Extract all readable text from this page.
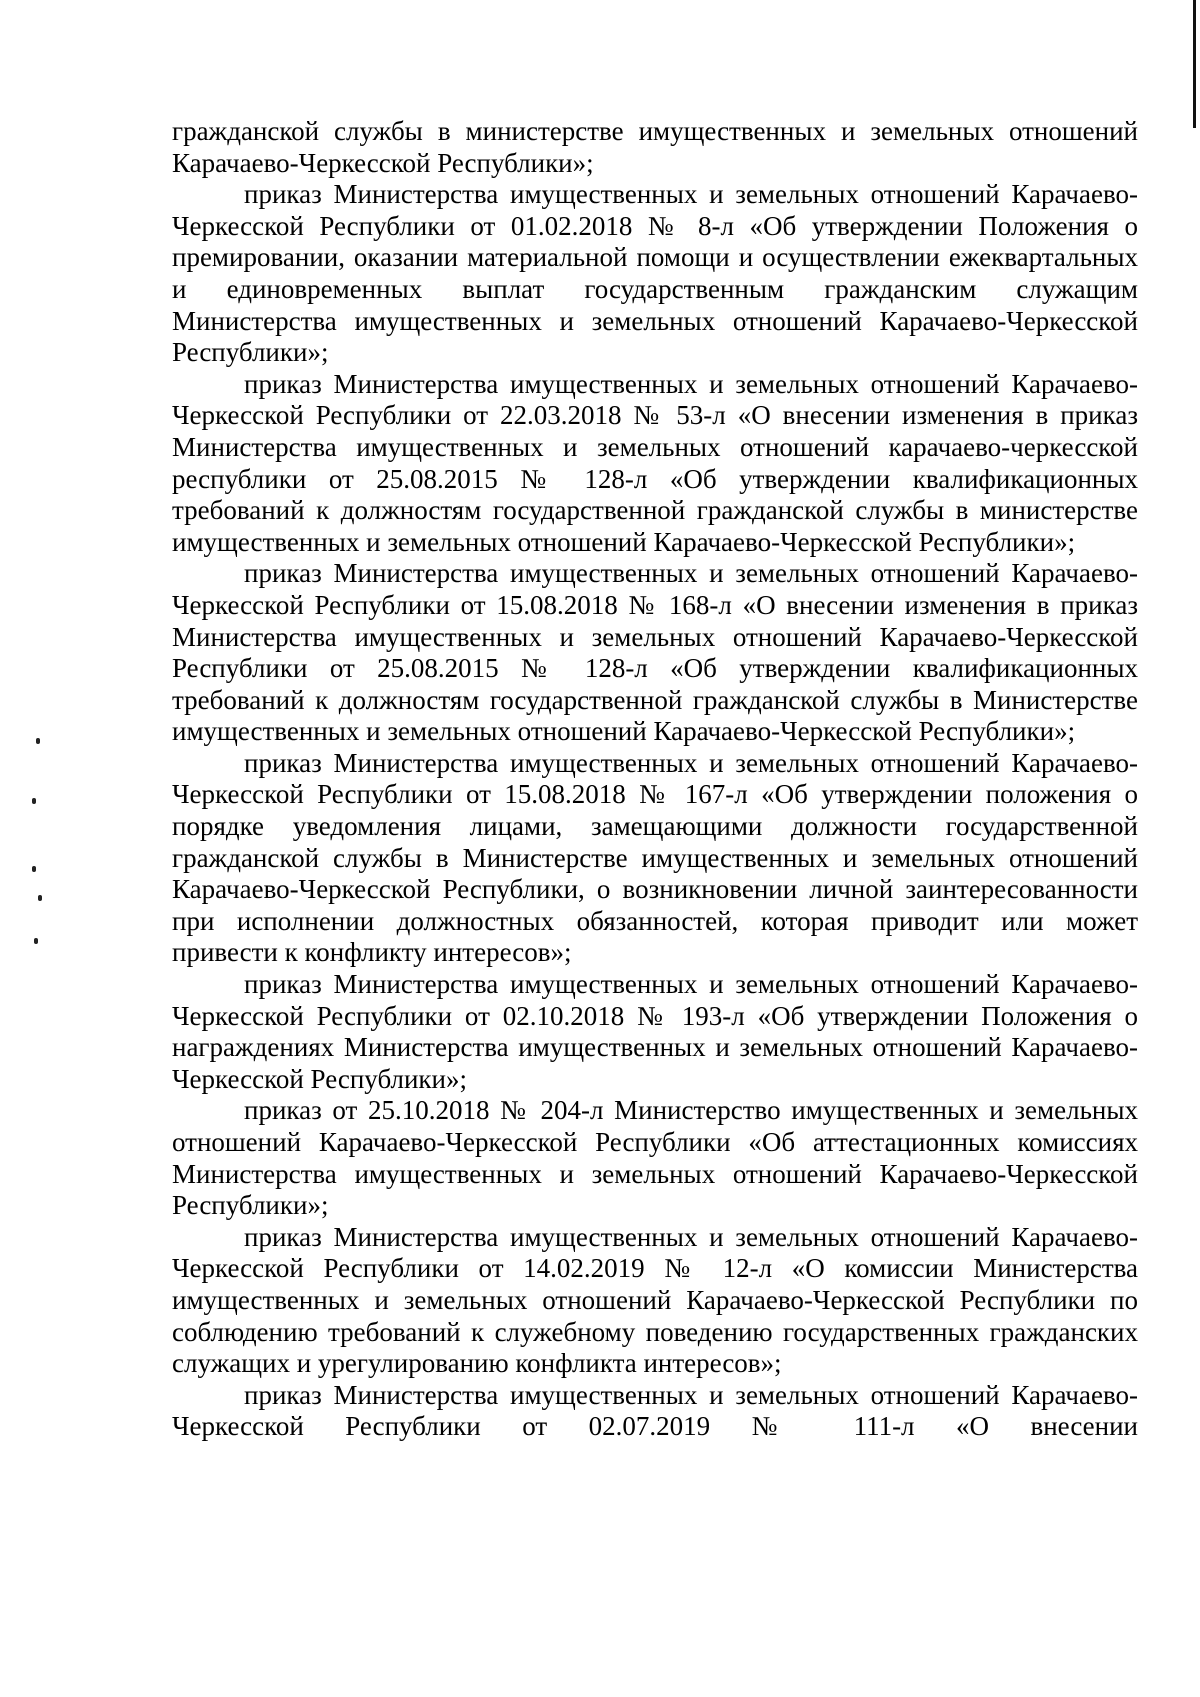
гражданской службы в министерстве имущественных и земельных отношений Карачаево-Черкесской Республики»;

приказ Министерства имущественных и земельных отношений Карачаево-Черкесской Республики от 01.02.2018 № 8-л «Об утверждении Положения о премировании, оказании материальной помощи и осуществлении ежеквартальных и единовременных выплат государственным гражданским служащим Министерства имущественных и земельных отношений Карачаево-Черкесской Республики»;

приказ Министерства имущественных и земельных отношений Карачаево-Черкесской Республики от 22.03.2018 № 53-л «О внесении изменения в приказ Министерства имущественных и земельных отношений карачаево-черкесской республики от 25.08.2015 № 128-л «Об утверждении квалификационных требований к должностям государственной гражданской службы в министерстве имущественных и земельных отношений Карачаево-Черкесской Республики»;

приказ Министерства имущественных и земельных отношений Карачаево-Черкесской Республики от 15.08.2018 № 168-л «О внесении изменения в приказ Министерства имущественных и земельных отношений Карачаево-Черкесской Республики от 25.08.2015 № 128-л «Об утверждении квалификационных требований к должностям государственной гражданской службы в Министерстве имущественных и земельных отношений Карачаево-Черкесской Республики»;

приказ Министерства имущественных и земельных отношений Карачаево-Черкесской Республики от 15.08.2018 № 167-л «Об утверждении положения о порядке уведомления лицами, замещающими должности государственной гражданской службы в Министерстве имущественных и земельных отношений Карачаево-Черкесской Республики, о возникновении личной заинтересованности при исполнении должностных обязанностей, которая приводит или может привести к конфликту интересов»;

приказ Министерства имущественных и земельных отношений Карачаево-Черкесской Республики от 02.10.2018 № 193-л «Об утверждении Положения о награждениях Министерства имущественных и земельных отношений Карачаево-Черкесской Республики»;

приказ от 25.10.2018 № 204-л Министерство имущественных и земельных отношений Карачаево-Черкесской Республики «Об аттестационных комиссиях Министерства имущественных и земельных отношений Карачаево-Черкесской Республики»;

приказ Министерства имущественных и земельных отношений Карачаево-Черкесской Республики от 14.02.2019 № 12-л «О комиссии Министерства имущественных и земельных отношений Карачаево-Черкесской Республики по соблюдению требований к служебному поведению государственных гражданских служащих и урегулированию конфликта интересов»;

приказ Министерства имущественных и земельных отношений Карачаево-Черкесской Республики от 02.07.2019 № 111-л «О внесении
